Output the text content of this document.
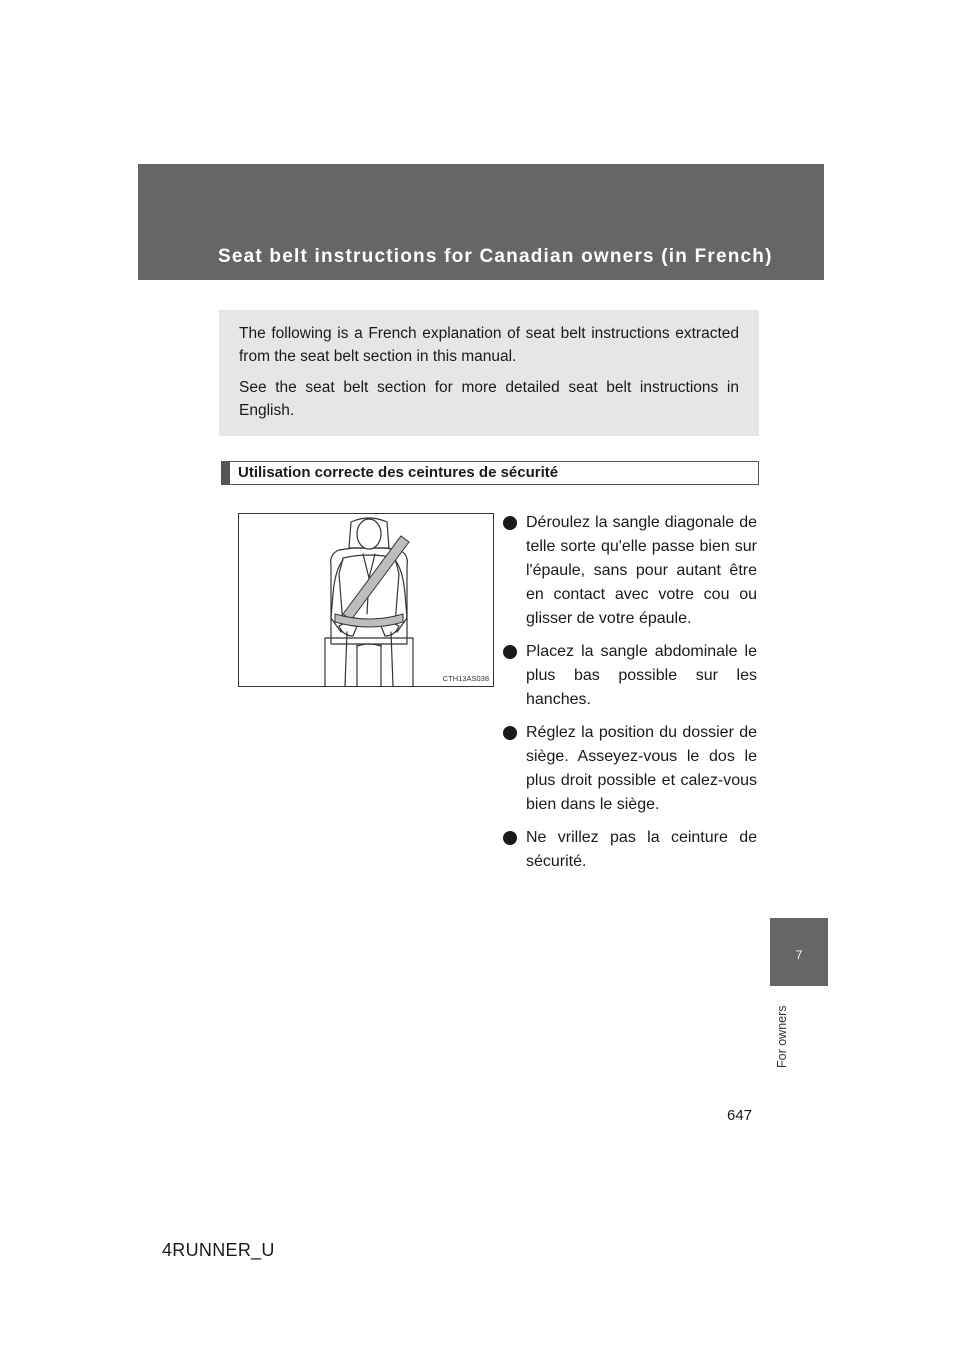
Seat belt instructions for Canadian owners (in French)

The following is a French explanation of seat belt instructions extracted from the seat belt section in this manual.

See the seat belt section for more detailed seat belt instructions in English.

Utilisation correcte des ceintures de sécurité
CTH13AS038
Déroulez la sangle diagonale de telle sorte qu'elle passe bien sur l'épaule, sans pour autant être en contact avec votre cou ou glisser de votre épaule.
Placez la sangle abdominale le plus bas possible sur les hanches.
Réglez la position du dossier de siège. Asseyez-vous le dos le plus droit possible et calez-vous bien dans le siège.
Ne vrillez pas la ceinture de sécurité.
7
For owners
647
4RUNNER_U
